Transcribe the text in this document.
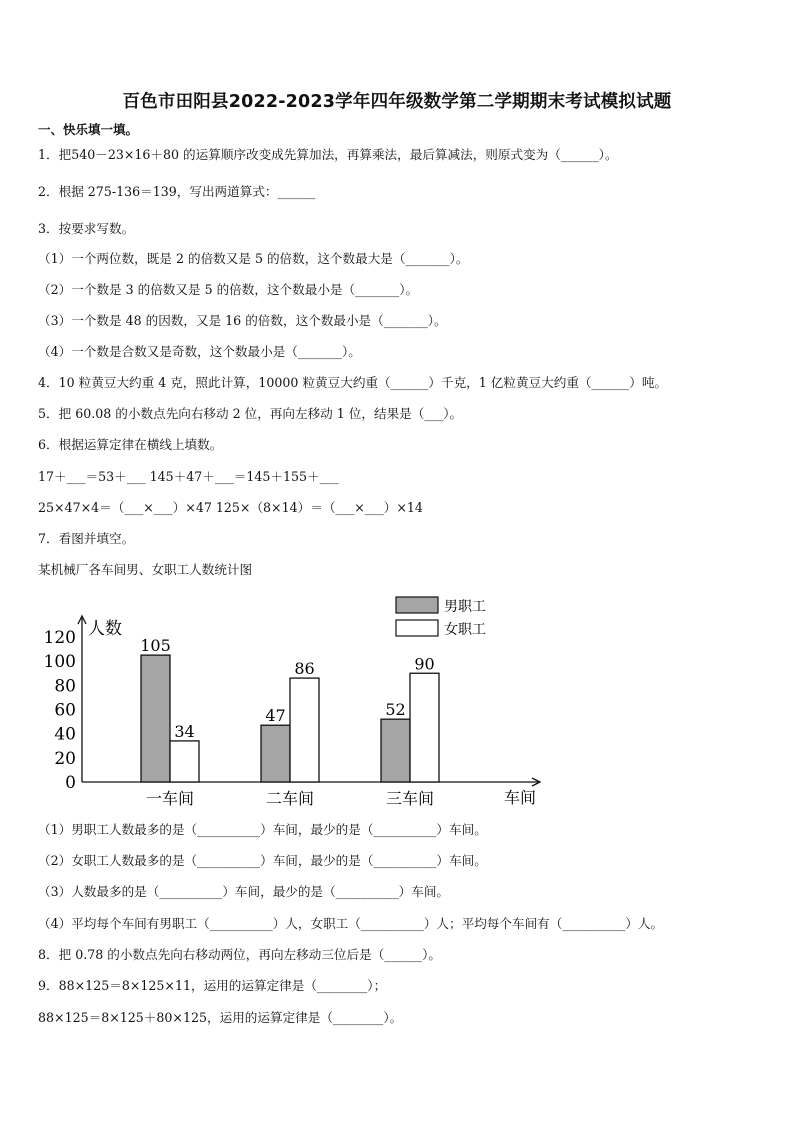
百色市田阳县2022-2023学年四年级数学第二学期期末考试模拟试题
一、快乐填一填。
1．把540－23×16＋80 的运算顺序改变成先算加法，再算乘法，最后算减法，则原式变为（______）。
2．根据 275-136＝139，写出两道算式：______
3．按要求写数。
（1）一个两位数，既是 2 的倍数又是 5 的倍数，这个数最大是（_______）。
（2）一个数是 3 的倍数又是 5 的倍数，这个数最小是（_______）。
（3）一个数是 48 的因数，又是 16 的倍数，这个数最小是（_______）。
（4）一个数是合数又是奇数，这个数最小是（_______）。
4．10 粒黄豆大约重 4 克，照此计算，10000 粒黄豆大约重（______）千克，1 亿粒黄豆大约重（______）吨。
5．把 60.08 的小数点先向右移动 2 位，再向左移动 1 位，结果是（___）。
6．根据运算定律在横线上填数。
17＋___＝53＋___ 145＋47＋___＝145＋155＋___
25×47×4＝（___×___）×47 125×（8×14）＝（___×___）×14
7．看图并填空。
某机械厂各车间男、女职工人数统计图
0
20
40
60
80
100
120 人数
车间
105
34
一车间
47
86
二车间
52
90
三车间
男职工
女职工
（1）男职工人数最多的是（__________）车间，最少的是（__________）车间。
（2）女职工人数最多的是（__________）车间，最少的是（__________）车间。
（3）人数最多的是（__________）车间，最少的是（__________）车间。
（4）平均每个车间有男职工（__________）人，女职工（__________）人；平均每个车间有（__________）人。
8．把 0.78 的小数点先向右移动两位，再向左移动三位后是（______）。
9．88×125＝8×125×11，运用的运算定律是（________）；
88×125＝8×125＋80×125，运用的运算定律是（________）。
